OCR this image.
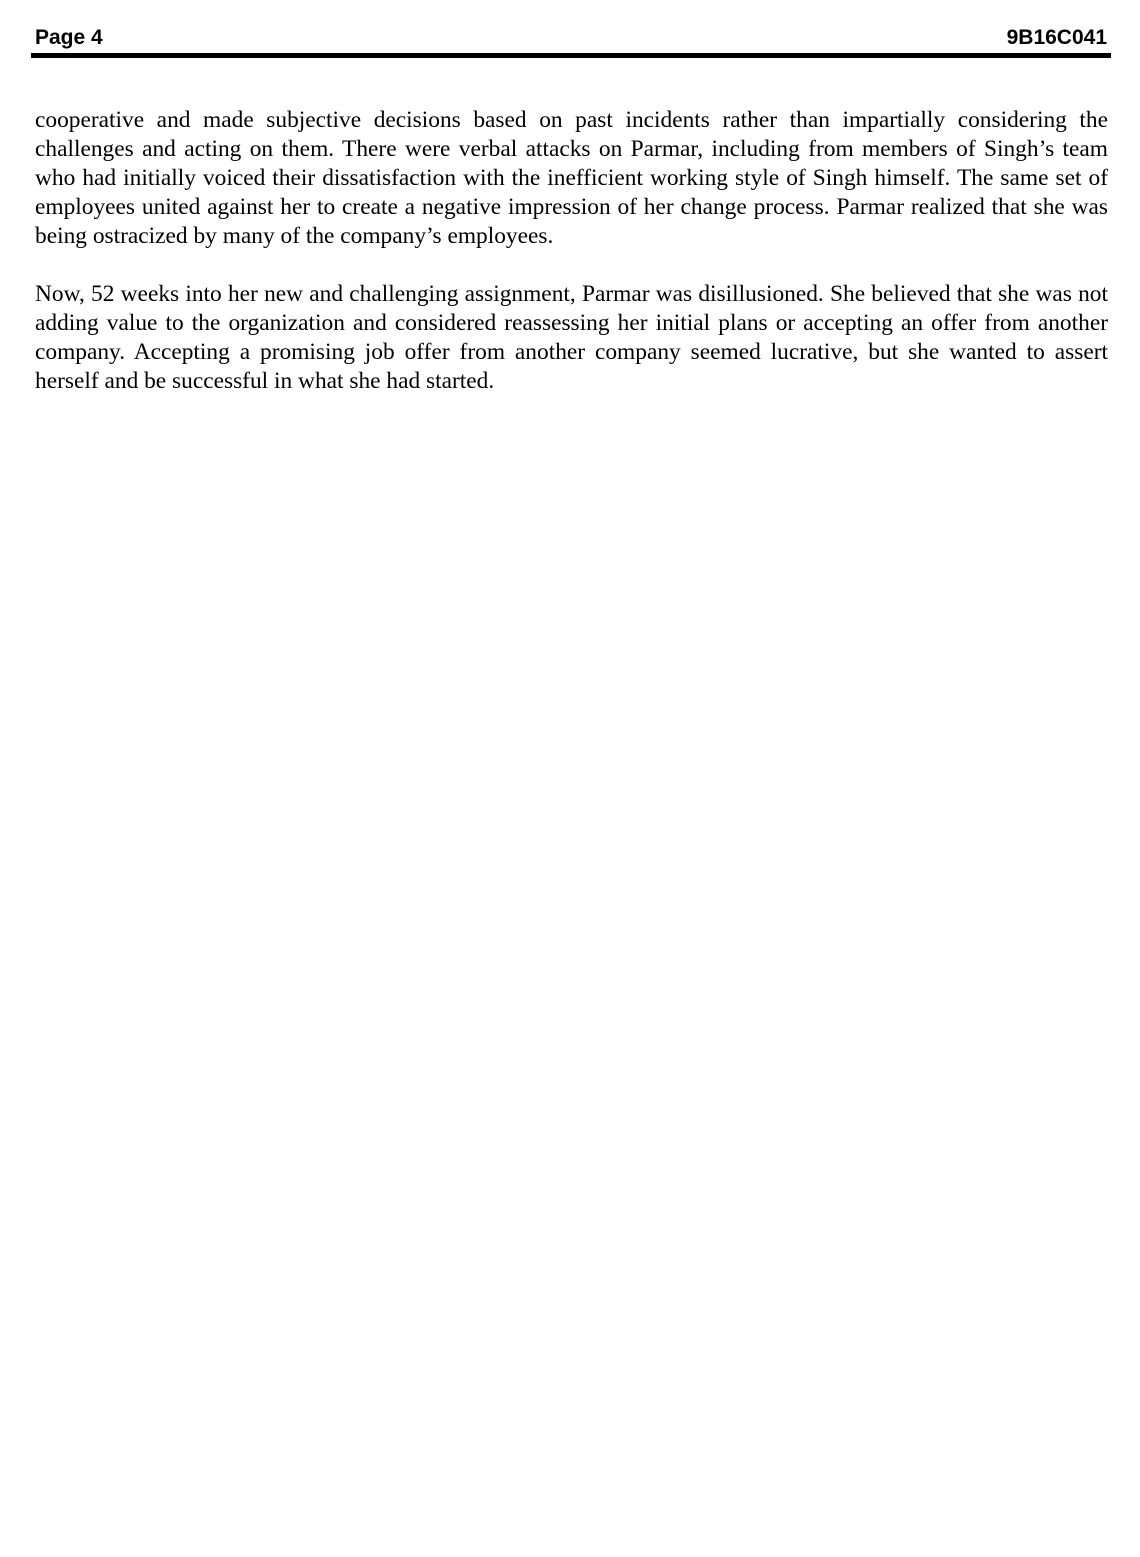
Page 4	9B16C041

cooperative and made subjective decisions based on past incidents rather than impartially considering the challenges and acting on them. There were verbal attacks on Parmar, including from members of Singh’s team who had initially voiced their dissatisfaction with the inefficient working style of Singh himself. The same set of employees united against her to create a negative impression of her change process. Parmar realized that she was being ostracized by many of the company’s employees.

Now, 52 weeks into her new and challenging assignment, Parmar was disillusioned. She believed that she was not adding value to the organization and considered reassessing her initial plans or accepting an offer from another company. Accepting a promising job offer from another company seemed lucrative, but she wanted to assert herself and be successful in what she had started.
